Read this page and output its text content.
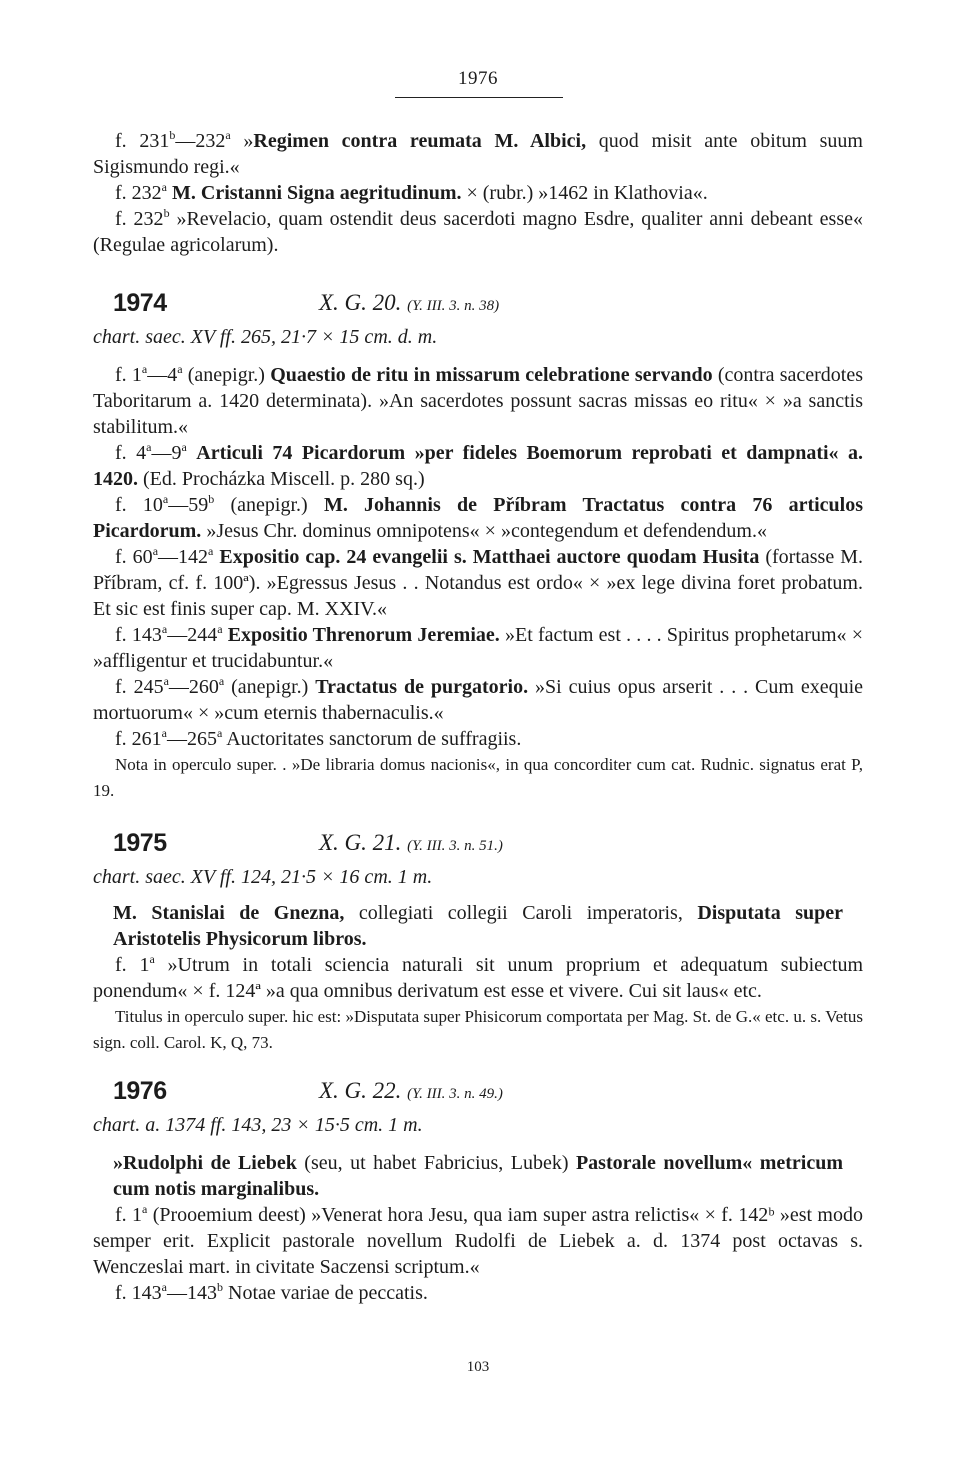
1976

f. 231$^b$—232$^a$ »Regimen contra reumata M. Albici, quod misit ante obitum suum Sigismundo regi.«

f. 232$^a$ M. Cristanni Signa aegritudinum. × (rubr.) »1462 in Klathovia«.

f. 232$^b$ »Revelacio, quam ostendit deus sacerdoti magno Esdre, qualiter anni debeant esse« (Regulae agricolarum).

1974	X. G. 20. (Y. III. 3. n. 38)
chart. saec. XV ff. 265, 21·7 × 15 cm. d. m.

f. 1$^a$—4$^a$ (anepigr.) Quaestio de ritu in missarum celebratione servando (contra sacerdotes Taboritarum a. 1420 determinata). »An sacerdotes possunt sacras missas eo ritu« × »a sanctis stabilitum.«

f. 4$^a$—9$^a$ Articuli 74 Picardorum »per fideles Boemorum reprobati et dampnati« a. 1420. (Ed. Procházka Miscell. p. 280 sq.)

f. 10$^a$—59$^b$ (anepigr.) M. Johannis de Příbram Tractatus contra 76 articulos Picardorum. »Jesus Chr. dominus omnipotens« × »contegendum et defendendum.«

f. 60$^a$—142$^a$ Expositio cap. 24 evangelii s. Matthaei auctore quodam Husita (fortasse M. Příbram, cf. f. 100ª). »Egressus Jesus . . Notandus est ordo« × »ex lege divina foret probatum. Et sic est finis super cap. M. XXIV.«

f. 143$^a$—244$^a$ Expositio Threnorum Jeremiae. »Et factum est . . . . Spiritus prophetarum« × »affligentur et trucidabuntur.«

f. 245$^a$—260$^a$ (anepigr.) Tractatus de purgatorio. »Si cuius opus arserit . . . Cum exequie mortuorum« × »cum eternis thabernaculis.«

f. 261$^a$—265$^a$ Auctoritates sanctorum de suffragiis.

Nota in operculo super. . »De libraria domus nacionis«, in qua concorditer cum cat. Rudnic. signatus erat P, 19.

1975	X. G. 21. (Y. III. 3. n. 51.)
chart. saec. XV ff. 124, 21·5 × 16 cm. 1 m.

M. Stanislai de Gnezna, collegiati collegii Caroli imperatoris, Disputata super Aristotelis Physicorum libros.

f. 1$^a$ »Utrum in totali sciencia naturali sit unum proprium et adequatum subiectum ponendum« × f. 124ª »a qua omnibus derivatum est esse et vivere. Cui sit laus« etc.

Titulus in operculo super. hic est: »Disputata super Phisicorum comportata per Mag. St. de G.« etc. u. s. Vetus sign. coll. Carol. K, Q, 73.

1976	X. G. 22. (Y. III. 3. n. 49.)
chart. a. 1374 ff. 143, 23 × 15·5 cm. 1 m.

»Rudolphi de Liebek (seu, ut habet Fabricius, Lubek) Pastorale novellum« metricum cum notis marginalibus.

f. 1$^a$ (Prooemium deest) »Venerat hora Jesu, qua iam super astra relictis« × f. 142ᵇ »est modo semper erit. Explicit pastorale novellum Rudolfi de Liebek a. d. 1374 post octavas s. Wenczeslai mart. in civitate Saczensi scriptum.«

f. 143$^a$—143$^b$ Notae variae de peccatis.

103
